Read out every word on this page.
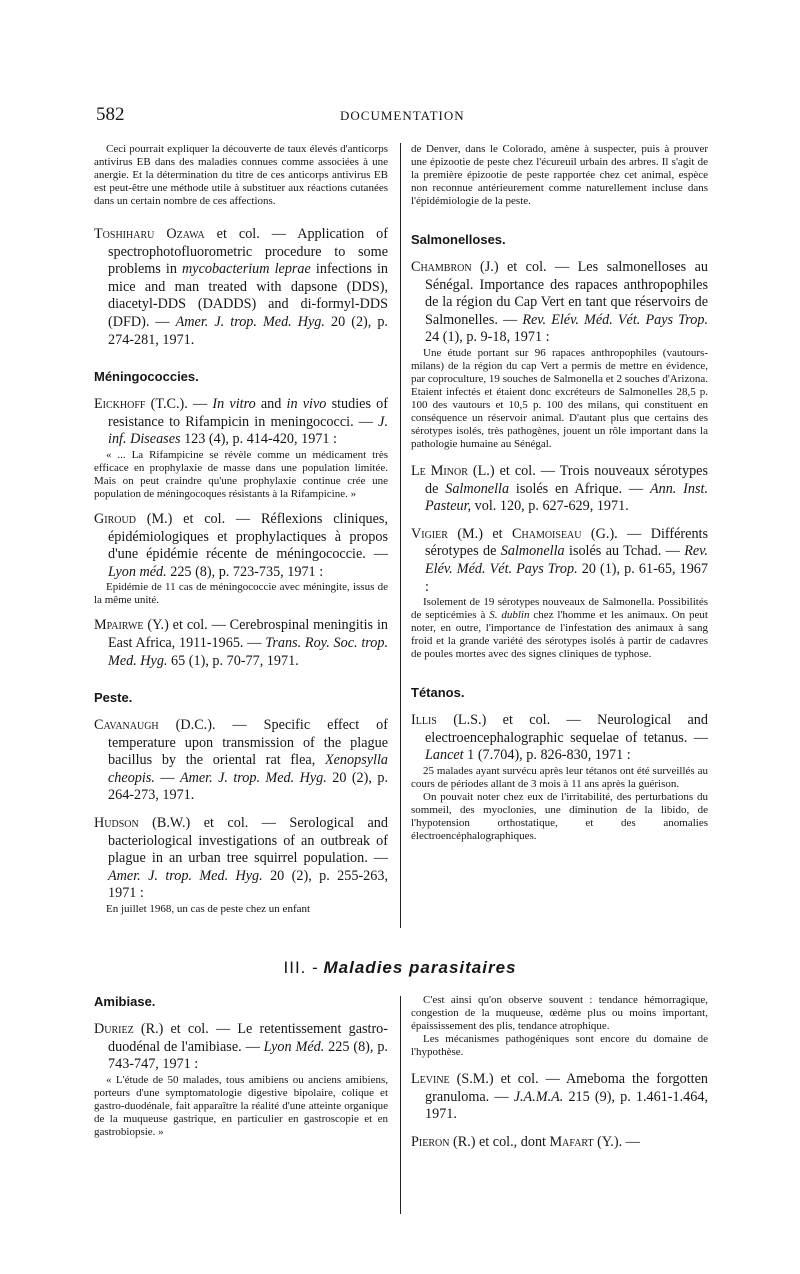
582	DOCUMENTATION

Ceci pourrait expliquer la découverte de taux élevés d'anticorps antivirus EB dans des maladies connues comme associées à une anergie. Et la détermination du titre de ces anticorps antivirus EB est peut-être une méthode utile à substituer aux réactions cutanées dans un certain nombre de ces affections.

Toshiharu Ozawa et col. — Application of spectrophotofluorometric procedure to some problems in mycobacterium leprae infections in mice and man treated with dapsone (DDS), diacetyl-DDS (DADDS) and di-formyl-DDS (DFD). — Amer. J. trop. Med. Hyg. 20 (2), p. 274-281, 1971.

Méningococcies.

Eickhoff (T.C.). — In vitro and in vivo studies of resistance to Rifampicin in meningococci. — J. inf. Diseases 123 (4), p. 414-420, 1971 :

« ... La Rifampicine se révèle comme un médicament très efficace en prophylaxie de masse dans une population limitée. Mais on peut craindre qu'une prophylaxie continue crée une population de méningocoques résistants à la Rifampicine. »

Giroud (M.) et col. — Réflexions cliniques, épidémiologiques et prophylactiques à propos d'une épidémie récente de méningococcie. — Lyon méd. 225 (8), p. 723-735, 1971 :

Epidémie de 11 cas de méningococcie avec méningite, issus de la même unité.

Mpairwe (Y.) et col. — Cerebrospinal meningitis in East Africa, 1911-1965. — Trans. Roy. Soc. trop. Med. Hyg. 65 (1), p. 70-77, 1971.

Peste.

Cavanaugh (D.C.). — Specific effect of temperature upon transmission of the plague bacillus by the oriental rat flea, Xenopsylla cheopis. — Amer. J. trop. Med. Hyg. 20 (2), p. 264-273, 1971.

Hudson (B.W.) et col. — Serological and bacteriological investigations of an outbreak of plague in an urban tree squirrel population. — Amer. J. trop. Med. Hyg. 20 (2), p. 255-263, 1971 :

En juillet 1968, un cas de peste chez un enfant

de Denver, dans le Colorado, amène à suspecter, puis à prouver une épizootie de peste chez l'écureuil urbain des arbres. Il s'agit de la première épizootie de peste rapportée chez cet animal, espèce non reconnue antérieurement comme naturellement incluse dans l'épidémiologie de la peste.

Salmonelloses.

Chambron (J.) et col. — Les salmonelloses au Sénégal. Importance des rapaces anthropophiles de la région du Cap Vert en tant que réservoirs de Salmonelles. — Rev. Elév. Méd. Vét. Pays Trop. 24 (1), p. 9-18, 1971 :

Une étude portant sur 96 rapaces anthropophiles (vautours-milans) de la région du cap Vert a permis de mettre en évidence, par coproculture, 19 souches de Salmonella et 2 souches d'Arizona. Etaient infectés et étaient donc excréteurs de Salmonelles 28,5 p. 100 des vautours et 10,5 p. 100 des milans, qui constituent en conséquence un réservoir animal. D'autant plus que certains des sérotypes isolés, très pathogènes, jouent un rôle important dans la pathologie humaine au Sénégal.

Le Minor (L.) et col. — Trois nouveaux sérotypes de Salmonella isolés en Afrique. — Ann. Inst. Pasteur, vol. 120, p. 627-629, 1971.

Vigier (M.) et Chamoiseau (G.). — Différents sérotypes de Salmonella isolés au Tchad. — Rev. Elév. Méd. Vét. Pays Trop. 20 (1), p. 61-65, 1967 :

Isolement de 19 sérotypes nouveaux de Salmonella. Possibilités de septicémies à S. dublin chez l'homme et les animaux. On peut noter, en outre, l'importance de l'infestation des animaux à sang froid et la grande variété des sérotypes isolés à partir de cadavres de poules mortes avec des signes cliniques de typhose.

Tétanos.

Illis (L.S.) et col. — Neurological and electroencephalographic sequelae of tetanus. — Lancet 1 (7.704), p. 826-830, 1971 :

25 malades ayant survécu après leur tétanos ont été surveillés au cours de périodes allant de 3 mois à 11 ans après la guérison.

On pouvait noter chez eux de l'irritabilité, des perturbations du sommeil, des myoclonies, une diminution de la libido, de l'hypotension orthostatique, et des anomalies électroencéphalographiques.

III. - Maladies parasitaires

Amibiase.

Duriez (R.) et col. — Le retentissement gastro-duodénal de l'amibiase. — Lyon Méd. 225 (8), p. 743-747, 1971 :

« L'étude de 50 malades, tous amibiens ou anciens amibiens, porteurs d'une symptomatologie digestive bipolaire, colique et gastro-duodénale, fait apparaître la réalité d'une atteinte organique de la muqueuse gastrique, en particulier en gastroscopie et en gastrobiopsie. »

C'est ainsi qu'on observe souvent : tendance hémorragique, congestion de la muqueuse, œdème plus ou moins important, épaississement des plis, tendance atrophique.

Les mécanismes pathogéniques sont encore du domaine de l'hypothèse.

Levine (S.M.) et col. — Ameboma the forgotten granuloma. — J.A.M.A. 215 (9), p. 1.461-1.464, 1971.

Pieron (R.) et col., dont Mafart (Y.). —
